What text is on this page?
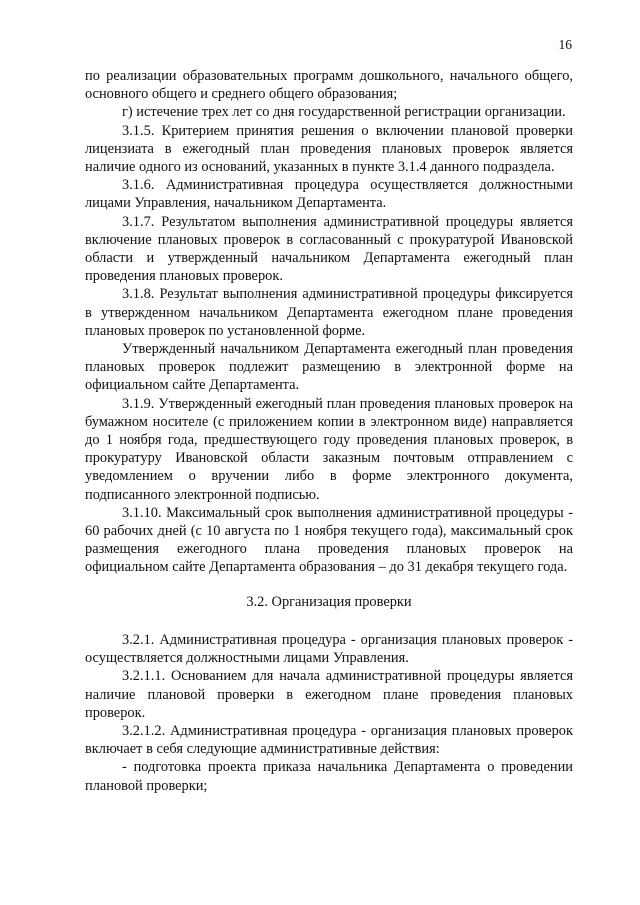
16

по реализации образовательных программ дошкольного, начального общего, основного общего и среднего общего образования;

г) истечение трех лет со дня государственной регистрации организации.

3.1.5. Критерием принятия решения о включении плановой проверки лицензиата в ежегодный план проведения плановых проверок является наличие одного из оснований, указанных в пункте 3.1.4 данного подраздела.

3.1.6. Административная процедура осуществляется должностными лицами Управления, начальником Департамента.

3.1.7. Результатом выполнения административной процедуры является включение плановых проверок в согласованный с прокуратурой Ивановской области и утвержденный начальником Департамента ежегодный план проведения плановых проверок.

3.1.8. Результат выполнения административной процедуры фиксируется в утвержденном начальником Департамента ежегодном плане проведения плановых проверок по установленной форме.

Утвержденный начальником Департамента ежегодный план проведения плановых проверок подлежит размещению в электронной форме на официальном сайте Департамента.

3.1.9. Утвержденный ежегодный план проведения плановых проверок на бумажном носителе (с приложением копии в электронном виде) направляется до 1 ноября года, предшествующего году проведения плановых проверок, в прокуратуру Ивановской области заказным почтовым отправлением с уведомлением о вручении либо в форме электронного документа, подписанного электронной подписью.

3.1.10. Максимальный срок выполнения административной процедуры - 60 рабочих дней (с 10 августа по 1 ноября текущего года), максимальный срок размещения ежегодного плана проведения плановых проверок на официальном сайте Департамента образования – до 31 декабря текущего года.

3.2. Организация проверки

3.2.1. Административная процедура - организация плановых проверок - осуществляется должностными лицами Управления.

3.2.1.1. Основанием для начала административной процедуры является наличие плановой проверки в ежегодном плане проведения плановых проверок.

3.2.1.2. Административная процедура - организация плановых проверок включает в себя следующие административные действия:

- подготовка проекта приказа начальника Департамента о проведении плановой проверки;
